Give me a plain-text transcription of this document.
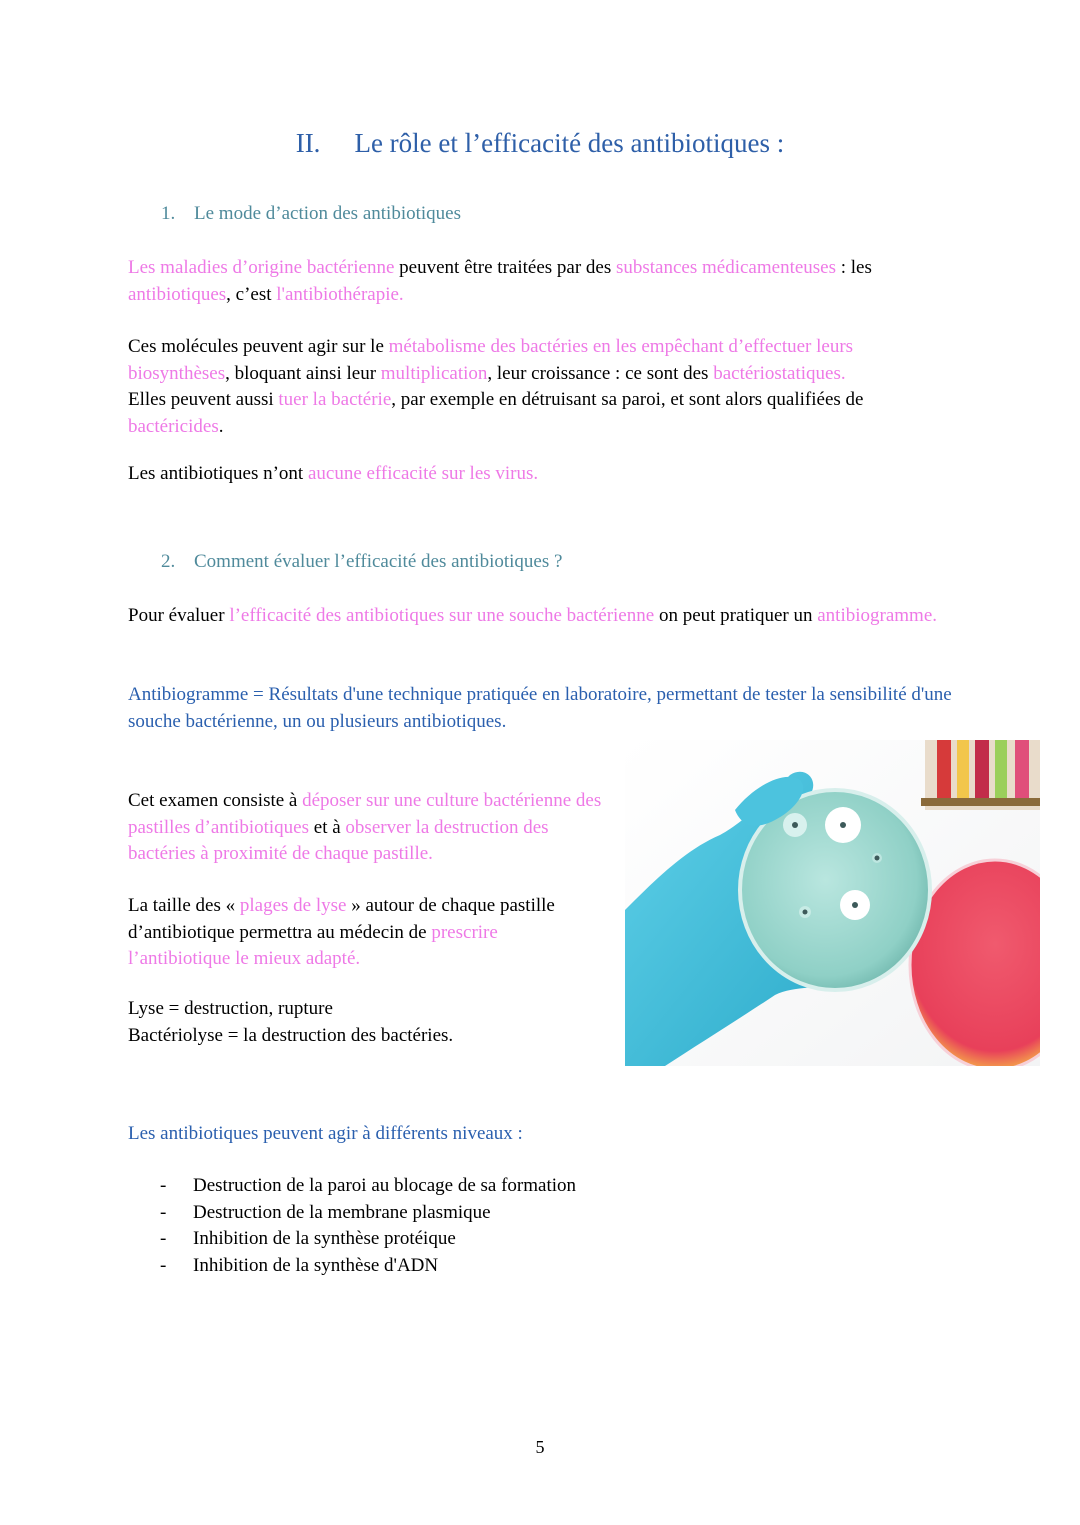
II. Le rôle et l’efficacité des antibiotiques :
1. Le mode d’action des antibiotiques
Les maladies d’origine bactérienne peuvent être traitées par des substances médicamenteuses : les antibiotiques, c’est l'antibiothérapie.
Ces molécules peuvent agir sur le métabolisme des bactéries en les empêchant d’effectuer leurs biosynthèses, bloquant ainsi leur multiplication, leur croissance : ce sont des bactériostatiques.
Elles peuvent aussi tuer la bactérie, par exemple en détruisant sa paroi, et sont alors qualifiées de bactéricides.
Les antibiotiques n’ont aucune efficacité sur les virus.
2. Comment évaluer l’efficacité des antibiotiques ?
Pour évaluer l’efficacité des antibiotiques sur une souche bactérienne on peut pratiquer un antibiogramme.
Antibiogramme = Résultats d'une technique pratiquée en laboratoire, permettant de tester la sensibilité d'une souche bactérienne, un ou plusieurs antibiotiques.
Cet examen consiste à déposer sur une culture bactérienne des pastilles d’antibiotiques et à observer la destruction des bactéries à proximité de chaque pastille.
La taille des « plages de lyse » autour de chaque pastille d’antibiotique permettra au médecin de prescrire l’antibiotique le mieux adapté.
Lyse = destruction, rupture
Bactériolyse = la destruction des bactéries.
Les antibiotiques peuvent agir à différents niveaux :
- Destruction de la paroi au blocage de sa formation
- Destruction de la membrane plasmique
- Inhibition de la synthèse protéique
- Inhibition de la synthèse d'ADN
5
